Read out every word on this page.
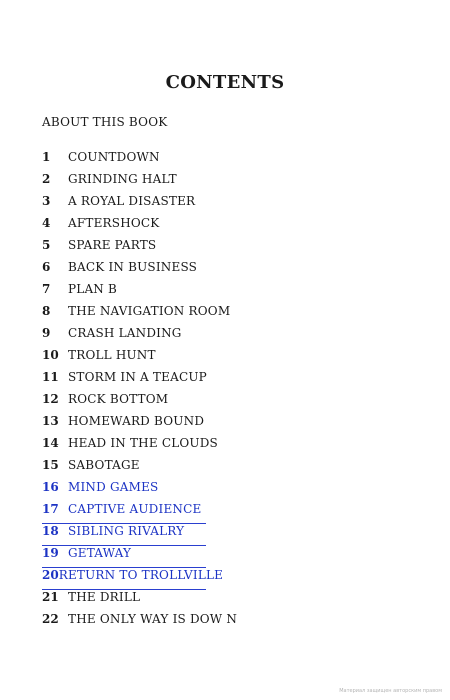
CONTENTS
ABOUT THIS BOOK
1	COUNTDOWN
2	GRINDING HALT
3	A ROYAL DISASTER
4	AFTERSHOCK
5	SPARE PARTS
6	BACK IN BUSINESS
7	PLAN B
8	THE NAVIGATION ROOM
9	CRASH LANDING
10 TROLL HUNT
11 STORM IN A TEACUP
12 ROCK BOTTOM
13 HOMEWARD BOUND
14 HEAD IN THE CLOUDS
15 SABOTAGE
16 MIND GAMES
17 CAPTIVE AUDIENCE
18 SIBLING RIVALRY
19 GETAWAY
20 RETURN TO TROLLVILLE
21 THE DRILL
22 THE ONLY WAY IS DOW N
Материал защищен авторским правом
